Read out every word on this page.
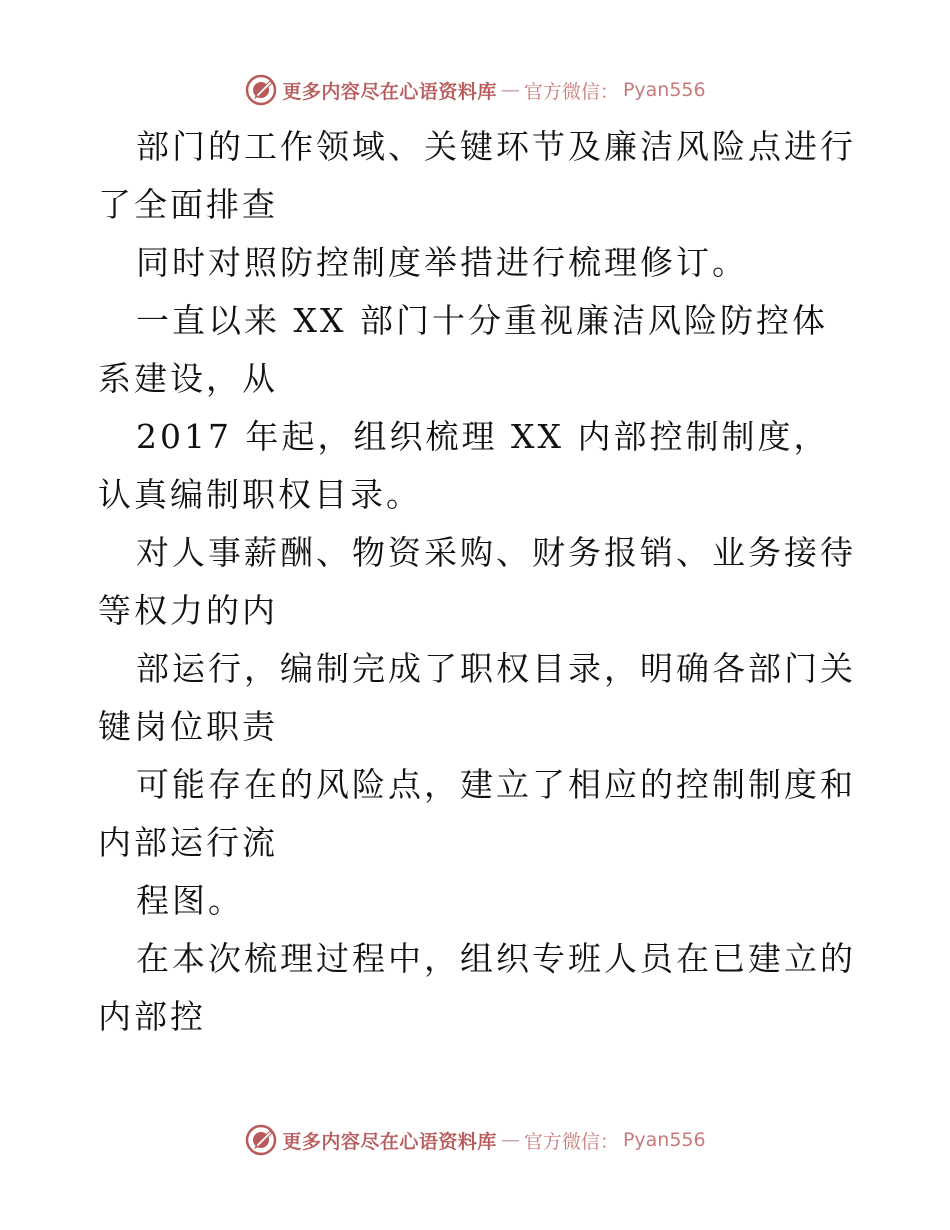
更多内容尽在心语资料库 — 官方微信： Pyan556

部门的工作领域、关键环节及廉洁风险点进行了全面排查

同时对照防控制度举措进行梳理修订。

一直以来 XX 部门十分重视廉洁风险防控体系建设，从

2017 年起，组织梳理 XX 内部控制制度，认真编制职权目录。

对人事薪酬、物资采购、财务报销、业务接待等权力的内

部运行，编制完成了职权目录，明确各部门关键岗位职责

可能存在的风险点，建立了相应的控制制度和内部运行流

程图。

在本次梳理过程中，组织专班人员在已建立的内部控

更多内容尽在心语资料库 — 官方微信： Pyan556
